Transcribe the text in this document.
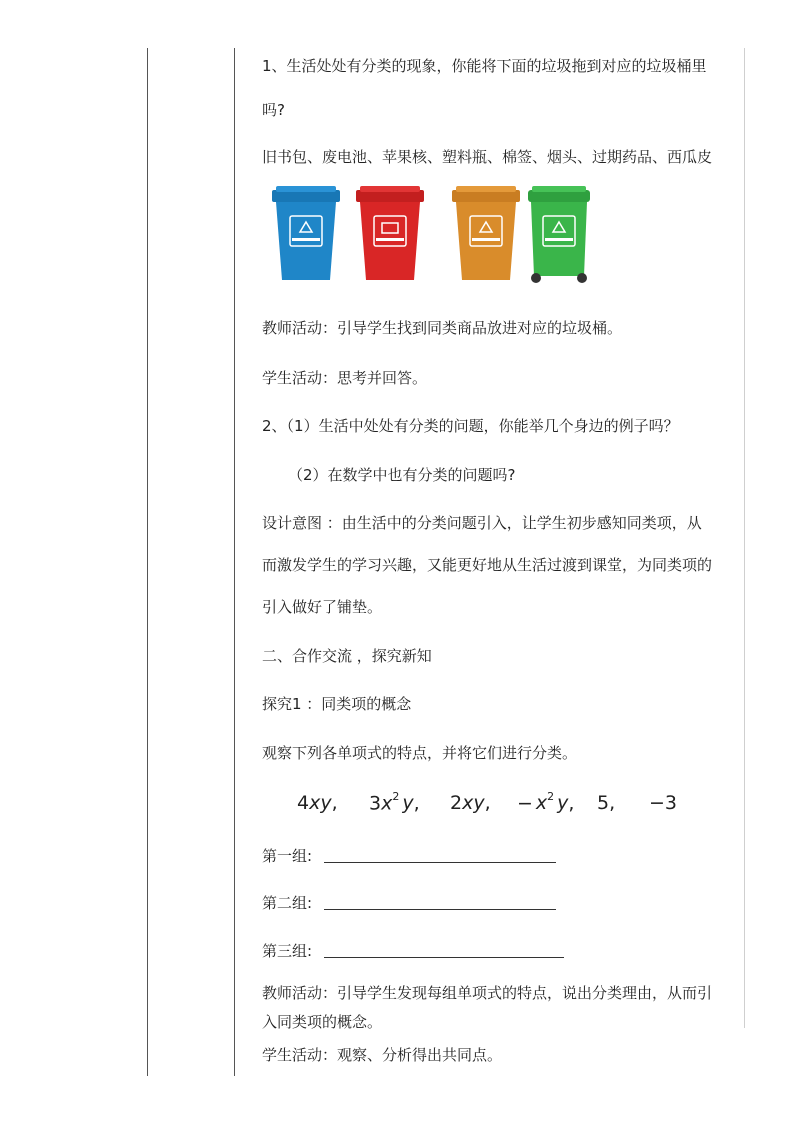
1、生活处处有分类的现象，你能将下面的垃圾拖到对应的垃圾桶里
吗?
旧书包、废电池、苹果核、塑料瓶、棉签、烟头、过期药品、西瓜皮
教师活动：引导学生找到同类商品放进对应的垃圾桶。
学生活动：思考并回答。
2、（1）生活中处处有分类的问题，你能举几个身边的例子吗？
（2）在数学中也有分类的问题吗?
设计意图 ：由生活中的分类问题引入，让学生初步感知同类项，从
而激发学生的学习兴趣，又能更好地从生活过渡到课堂，为同类项的
引入做好了铺垫。
二、合作交流 ，探究新知
探究1 ：同类项的概念
观察下列各单项式的特点，并将它们进行分类。
第一组:
第二组:
第三组:
教师活动：引导学生发现每组单项式的特点，说出分类理由，从而引
入同类项的概念。
学生活动：观察、分析得出共同点。
4xy, $3x^2$ y, 2xy, − $x^2$ y, 5, −3
